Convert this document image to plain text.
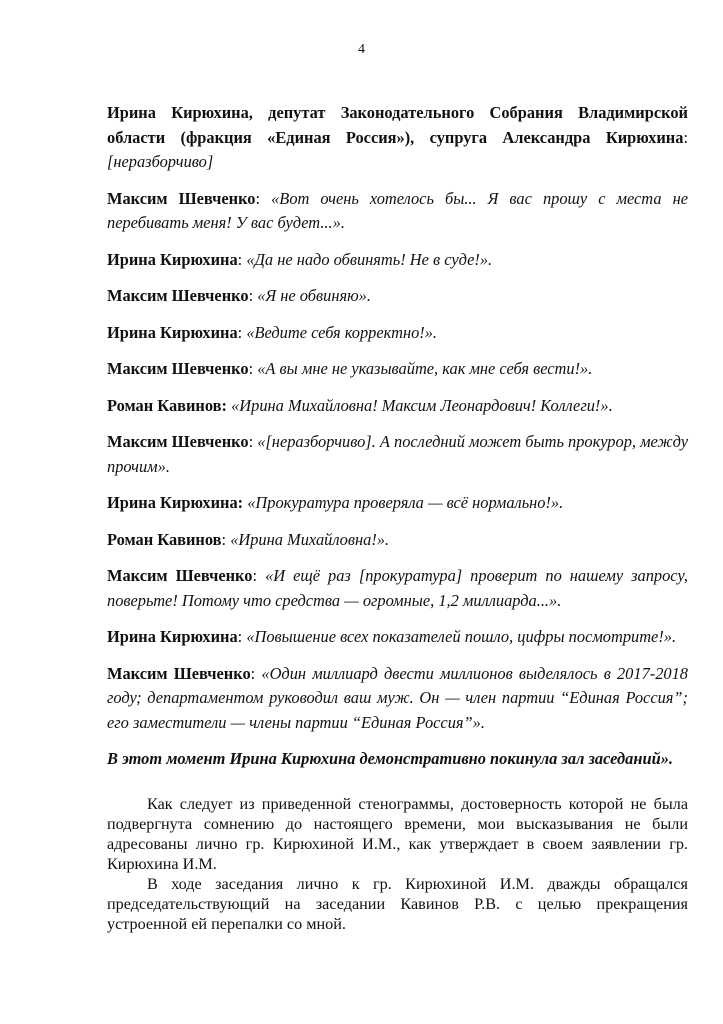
4

Ирина Кирюхина, депутат Законодательного Собрания Владимирской области (фракция «Единая Россия»), супруга Александра Кирюхина: [неразборчиво]

Максим Шевченко: «Вот очень хотелось бы... Я вас прошу с места не перебивать меня! У вас будет...».

Ирина Кирюхина: «Да не надо обвинять! Не в суде!».

Максим Шевченко: «Я не обвиняю».

Ирина Кирюхина: «Ведите себя корректно!».

Максим Шевченко: «А вы мне не указывайте, как мне себя вести!».

Роман Кавинов: «Ирина Михайловна! Максим Леонардович! Коллеги!».

Максим Шевченко: «[неразборчиво]. А последний может быть прокурор, между прочим».

Ирина Кирюхина: «Прокуратура проверяла — всё нормально!».

Роман Кавинов: «Ирина Михайловна!».

Максим Шевченко: «И ещё раз [прокуратура] проверит по нашему запросу, поверьте! Потому что средства — огромные, 1,2 миллиарда...».

Ирина Кирюхина: «Повышение всех показателей пошло, цифры посмотрите!».

Максим Шевченко: «Один миллиард двести миллионов выделялось в 2017-2018 году; департаментом руководил ваш муж. Он — член партии “Единая Россия”; его заместители — члены партии “Единая Россия”».

В этот момент Ирина Кирюхина демонстративно покинула зал заседаний».

Как следует из приведенной стенограммы, достоверность которой не была подвергнута сомнению до настоящего времени, мои высказывания не были адресованы лично гр. Кирюхиной И.М., как утверждает в своем заявлении гр. Кирюхина И.М.

В ходе заседания лично к гр. Кирюхиной И.М. дважды обращался председательствующий на заседании Кавинов Р.В. с целью прекращения устроенной ей перепалки со мной.
